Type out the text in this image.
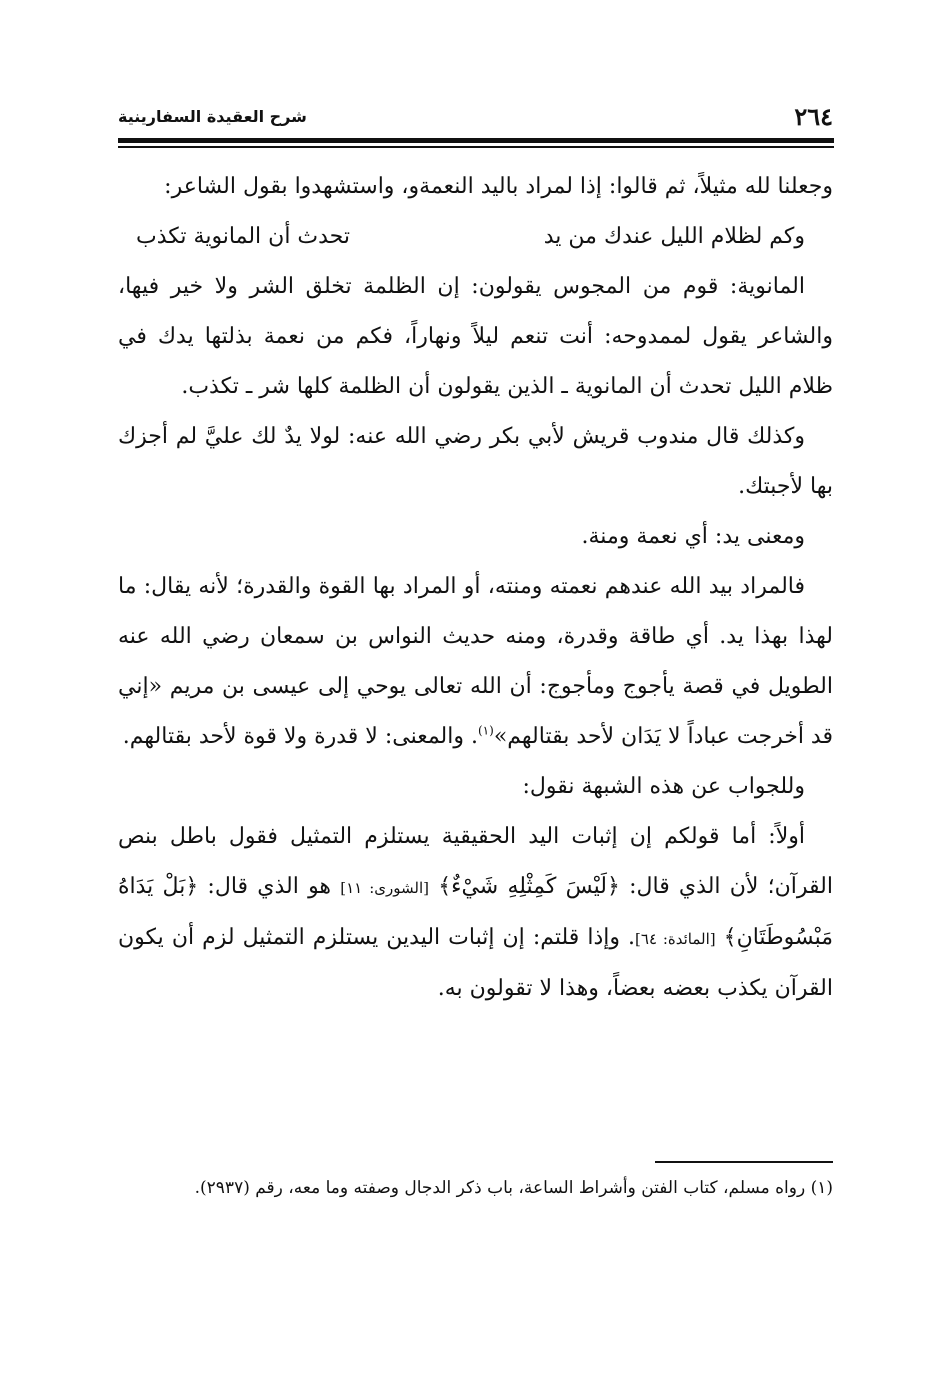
٢٦٤
شرح العقيدة السفارينية

وجعلنا لله مثيلاً، ثم قالوا: إذا لمراد باليد النعمةو، واستشهدوا بقول الشاعر:

وكم لظلام الليل عندك من يد
تحدث أن المانوية تكذب

المانوية: قوم من المجوس يقولون: إن الظلمة تخلق الشر ولا خير فيها، والشاعر يقول لممدوحه: أنت تنعم ليلاً ونهاراً، فكم من نعمة بذلتها يدك في ظلام الليل تحدث أن المانوية ـ الذين يقولون أن الظلمة كلها شر ـ تكذب.

وكذلك قال مندوب قريش لأبي بكر رضي الله عنه: لولا يدٌ لك عليَّ لم أجزك بها لأجبتك.

ومعنى يد: أي نعمة ومنة.

فالمراد بيد الله عندهم نعمته ومنته، أو المراد بها القوة والقدرة؛ لأنه يقال: ما لهذا بهذا يد. أي طاقة وقدرة، ومنه حديث النواس بن سمعان رضي الله عنه الطويل في قصة يأجوج ومأجوج: أن الله تعالى يوحي إلى عيسى بن مريم «إني قد أخرجت عباداً لا يَدَان لأحد بقتالهم»$^{(١)}$. والمعنى: لا قدرة ولا قوة لأحد بقتالهم.

وللجواب عن هذه الشبهة نقول:

أولاً: أما قولكم إن إثبات اليد الحقيقية يستلزم التمثيل فقول باطل بنص القرآن؛ لأن الذي قال: ﴿لَيْسَ كَمِثْلِهِ شَيْءٌ﴾ [الشورى: ١١] هو الذي قال: ﴿بَلْ يَدَاهُ مَبْسُوطَتَانِ﴾ [المائدة: ٦٤]. وإذا قلتم: إن إثبات اليدين يستلزم التمثيل لزم أن يكون القرآن يكذب بعضه بعضاً، وهذا لا تقولون به.

(١) رواه مسلم، كتاب الفتن وأشراط الساعة، باب ذكر الدجال وصفته وما معه، رقم (٢٩٣٧).
